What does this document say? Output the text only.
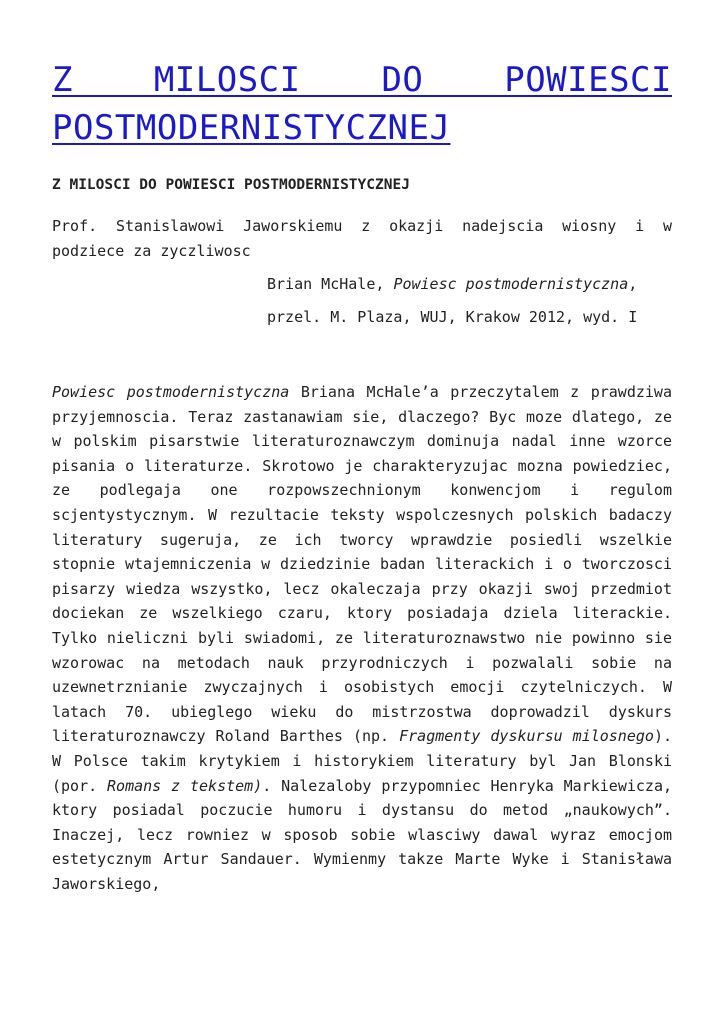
Z MILOSCI DO POWIESCI POSTMODERNISTYCZNEJ

Z MILOSCI DO POWIESCI POSTMODERNISTYCZNEJ

Prof. Stanislawowi Jaworskiemu z okazji nadejscia wiosny i w podziece za zyczliwosc

Brian McHale, Powiesc postmodernistyczna,

przel. M. Plaza, WUJ, Krakow 2012, wyd. I

Powiesc postmodernistyczna Briana McHale’a przeczytalem z prawdziwa przyjemnoscia. Teraz zastanawiam sie, dlaczego? Byc moze dlatego, ze w polskim pisarstwie literaturoznawczym dominuja nadal inne wzorce pisania o literaturze. Skrotowo je charakteryzujac mozna powiedziec, ze podlegaja one rozpowszechnionym konwencjom i regulom scjentystycznym. W rezultacie teksty wspolczesnych polskich badaczy literatury sugeruja, ze ich tworcy wprawdzie posiedli wszelkie stopnie wtajemniczenia w dziedzinie badan literackich i o tworczosci pisarzy wiedza wszystko, lecz okaleczaja przy okazji swoj przedmiot dociekan ze wszelkiego czaru, ktory posiadaja dziela literackie. Tylko nieliczni byli swiadomi, ze literaturoznawstwo nie powinno sie wzorowac na metodach nauk przyrodniczych i pozwalali sobie na uzewnetrznianie zwyczajnych i osobistych emocji czytelniczych. W latach 70. ubieglego wieku do mistrzostwa doprowadzil dyskurs literaturoznawczy Roland Barthes (np. Fragmenty dyskursu milosnego). W Polsce takim krytykiem i historykiem literatury byl Jan Blonski (por. Romans z tekstem). Nalezaloby przypomniec Henryka Markiewicza, ktory posiadal poczucie humoru i dystansu do metod „naukowych”. Inaczej, lecz rowniez w sposob sobie wlasciwy dawal wyraz emocjom estetycznym Artur Sandauer. Wymienmy takze Marte Wyke i Stanisława Jaworskiego,
